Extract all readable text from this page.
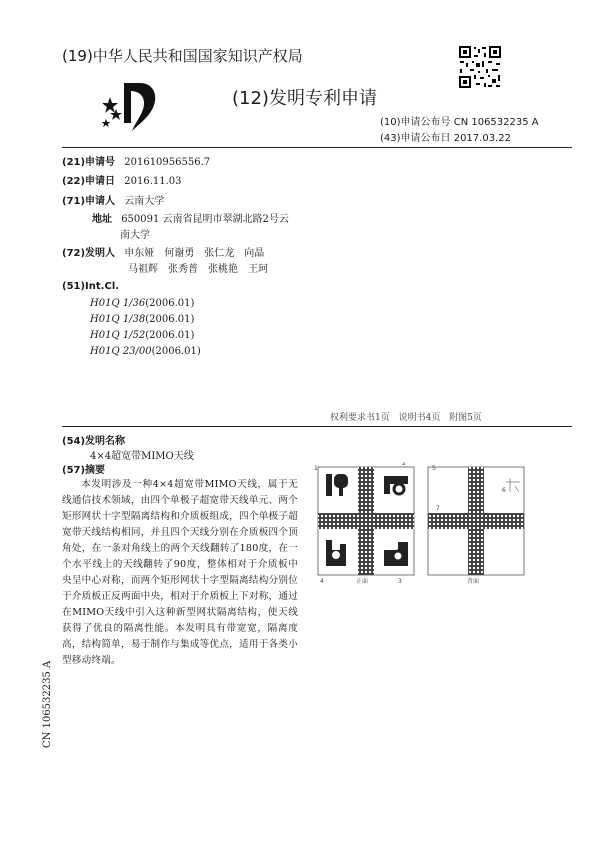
(19)中华人民共和国国家知识产权局
(12)发明专利申请
(10)申请公布号 CN 106532235 A
(43)申请公布日 2017.03.22
(21)申请号 201610956556.7
(22)申请日 2016.11.03
(71)申请人 云南大学
地址 650091 云南省昆明市翠湖北路2号云
南大学
(72)发明人 申东娅　何谢勇　张仁龙　向晶
马祖辉　张秀普　张桃艳　王珂
(51)Int.Cl.
H01Q 1/36(2006.01)
H01Q 1/38(2006.01)
H01Q 1/52(2006.01)
H01Q 23/00(2006.01)
权利要求书1页 说明书4页 附图5页
(54)发明名称
4×4超宽带MIMO天线
(57)摘要
本发明涉及一种4×4超宽带MIMO天线，属于无线通信技术领域，由四个单极子超宽带天线单元、两个矩形网状十字型隔离结构和介质板组成，四个单极子超宽带天线结构相同，并且四个天线分别在介质板四个顶角处，在一条对角线上的两个天线翻转了180度，在一个水平线上的天线翻转了90度，整体相对于介质板中央呈中心对称，而两个矩形网状十字型隔离结构分别位于介质板正反两面中央，相对于介质板上下对称，通过在MIMO天线中引入这种新型网状隔离结构，使天线获得了优良的隔离性能。本发明具有带宽宽，隔离度高，结构简单，易于制作与集成等优点，适用于各类小型移动终端。
1
2
3
4	正面
5
6
7
背面
CN 106532235 A
